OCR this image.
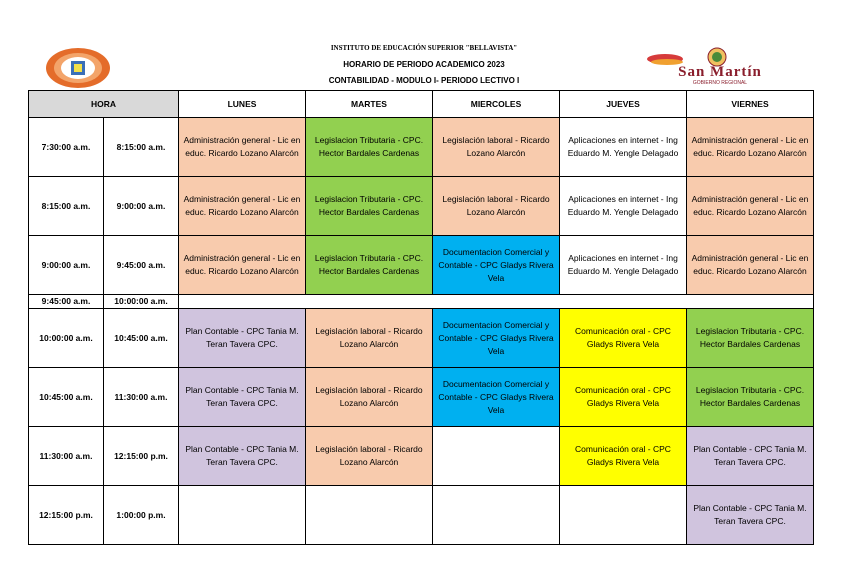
San Martín
GOBIERNO REGIONAL
INSTITUTO DE EDUCACIÓN SUPERIOR "BELLAVISTA"
HORARIO DE PERIODO ACADEMICO 2023
CONTABILIDAD - MODULO I- PERIODO LECTIVO I
HORA		LUNES	MARTES	MIERCOLES	JUEVES	VIERNES
7:30:00 a.m.	8:15:00 a.m.	Administración general - Lic en educ. Ricardo Lozano Alarcón	Legislacion Tributaria - CPC. Hector Bardales Cardenas	Legislación laboral - Ricardo Lozano Alarcón	Aplicaciones en internet - Ing Eduardo M. Yengle Delagado	Administración general - Lic en educ. Ricardo Lozano Alarcón
8:15:00 a.m.	9:00:00 a.m.	Administración general - Lic en educ. Ricardo Lozano Alarcón	Legislacion Tributaria - CPC. Hector Bardales Cardenas	Legislación laboral - Ricardo Lozano Alarcón	Aplicaciones en internet - Ing Eduardo M. Yengle Delagado	Administración general - Lic en educ. Ricardo Lozano Alarcón
9:00:00 a.m.	9:45:00 a.m.	Administración general - Lic en educ. Ricardo Lozano Alarcón	Legislacion Tributaria - CPC. Hector Bardales Cardenas	Documentacion Comercial y Contable - CPC Gladys Rivera Vela	Aplicaciones en internet - Ing Eduardo M. Yengle Delagado	Administración general - Lic en educ. Ricardo Lozano Alarcón
9:45:00 a.m.	10:00:00 a.m.					
10:00:00 a.m.	10:45:00 a.m.	Plan Contable - CPC Tania M. Teran Tavera CPC.	Legislación laboral - Ricardo Lozano Alarcón	Documentacion Comercial y Contable - CPC Gladys Rivera Vela	Comunicación oral - CPC Gladys Rivera Vela	Legislacion Tributaria - CPC. Hector Bardales Cardenas
10:45:00 a.m.	11:30:00 a.m.	Plan Contable - CPC Tania M. Teran Tavera CPC.	Legislación laboral - Ricardo Lozano Alarcón	Documentacion Comercial y Contable - CPC Gladys Rivera Vela	Comunicación oral - CPC Gladys Rivera Vela	Legislacion Tributaria - CPC. Hector Bardales Cardenas
11:30:00 a.m.	12:15:00 p.m.	Plan Contable - CPC Tania M. Teran Tavera CPC.	Legislación laboral - Ricardo Lozano Alarcón		Comunicación oral - CPC Gladys Rivera Vela	Plan Contable - CPC Tania M. Teran Tavera CPC.
12:15:00 p.m.	1:00:00 p.m.					Plan Contable - CPC Tania M. Teran Tavera CPC.
